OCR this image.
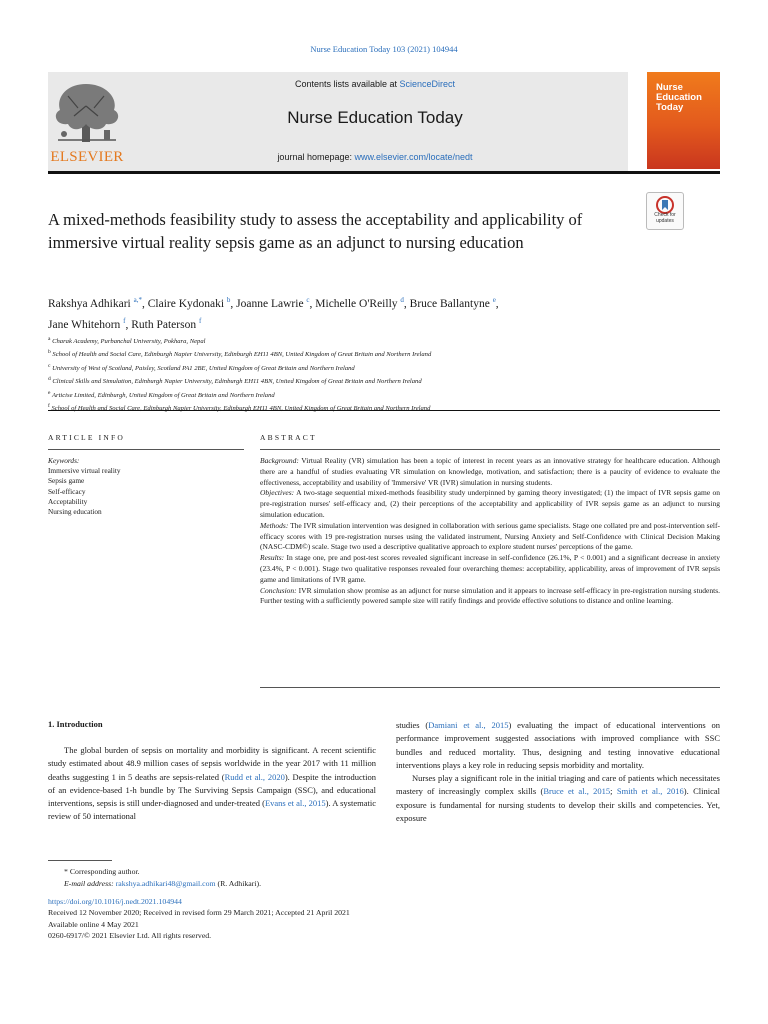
Nurse Education Today 103 (2021) 104944
ELSEVIER
Contents lists available at ScienceDirect
Nurse Education Today
journal homepage: www.elsevier.com/locate/nedt
Nurse Education Today
Check for updates
A mixed-methods feasibility study to assess the acceptability and applicability of immersive virtual reality sepsis game as an adjunct to nursing education
Rakshya Adhikari $^{a,*}$, Claire Kydonaki $^b$, Joanne Lawrie $^c$, Michelle O'Reilly $^d$, Bruce Ballantyne $^e$,
Jane Whitehorn $^f$, Ruth Paterson $^f$
$^a$ Charak Academy, Purbanchal University, Pokhara, Nepal
$^b$ School of Health and Social Care, Edinburgh Napier University, Edinburgh EH11 4BN, United Kingdom of Great Britain and Northern Ireland
$^c$ University of West of Scotland, Paisley, Scotland PA1 2BE, United Kingdom of Great Britain and Northern Ireland
$^d$ Clinical Skills and Simulation, Edinburgh Napier University, Edinburgh EH11 4BN, United Kingdom of Great Britain and Northern Ireland
$^e$ Articise Limited, Edinburgh, United Kingdom of Great Britain and Northern Ireland
$^f$
ARTICLE INFO
Keywords:
Immersive virtual reality
Sepsis game
Self-efficacy
Acceptability
Nursing education
ABSTRACT

Background: Virtual Reality (VR) simulation has been a topic of interest in recent years as an innovative strategy for healthcare education. Although there are a handful of studies evaluating VR simulation on knowledge, motivation, and satisfaction; there is a paucity of evidence to evaluate the effectiveness, acceptability and usability of 'Immersive' VR (IVR) simulation in nursing students.

Objectives: A two-stage sequential mixed-methods feasibility study underpinned by gaming theory investigated; (1) the impact of IVR sepsis game on pre-registration nurses' self-efficacy and, (2) their perceptions of the acceptability and applicability of IVR sepsis game as an adjunct to nursing simulation education.

Methods: The IVR simulation intervention was designed in collaboration with serious game specialists. Stage one collated pre and post-intervention self-efficacy scores with 19 pre-registration nurses using the validated instrument, Nursing Anxiety and Self-Confidence with Clinical Decision Making (NASC-CDM©) scale. Stage two used a descriptive qualitative approach to explore student nurses' perceptions of the game.

Results: In stage one, pre and post-test scores revealed significant increase in self-confidence (26.1%, P < 0.001) and a significant decrease in anxiety (23.4%, P < 0.001). Stage two qualitative responses revealed four overarching themes: acceptability, applicability, areas of improvement of IVR sepsis game and limitations of IVR game.

Conclusion: IVR simulation show promise as an adjunct for nurse simulation and it appears to increase self-efficacy in pre-registration nursing students. Further testing with a sufficiently powered sample size will ratify findings and provide effective solutions to distance and online learning.

1. Introduction

The global burden of sepsis on mortality and morbidity is significant. A recent scientific study estimated about 48.9 million cases of sepsis worldwide in the year 2017 with 11 million deaths suggesting 1 in 5 deaths are sepsis-related (Rudd et al., 2020). Despite the introduction of an evidence-based 1-h bundle by The Surviving Sepsis Campaign (SSC), and educational interventions, sepsis is still under-diagnosed and under-treated (Evans et al., 2015). A systematic review of 50 international

studies (Damiani et al., 2015) evaluating the impact of educational interventions on performance improvement suggested associations with improved compliance with SSC bundles and reduced mortality. Thus, designing and testing innovative educational interventions plays a key role in reducing sepsis morbidity and mortality.

Nurses play a significant role in the initial triaging and care of patients which necessitates mastery of increasingly complex skills (Bruce et al., 2015; Smith et al., 2016). Clinical exposure is fundamental for nursing students to develop their skills and competencies. Yet, exposure

* Corresponding author.
E-mail address: rakshya.adhikari48@gmail.com (R. Adhikari).
https://doi.org/10.1016/j.nedt.2021.104944
Received 12 November 2020; Received in revised form 29 March 2021; Accepted 21 April 2021
Available online 4 May 2021
0260-6917/© 2021 Elsevier Ltd. All rights reserved.
